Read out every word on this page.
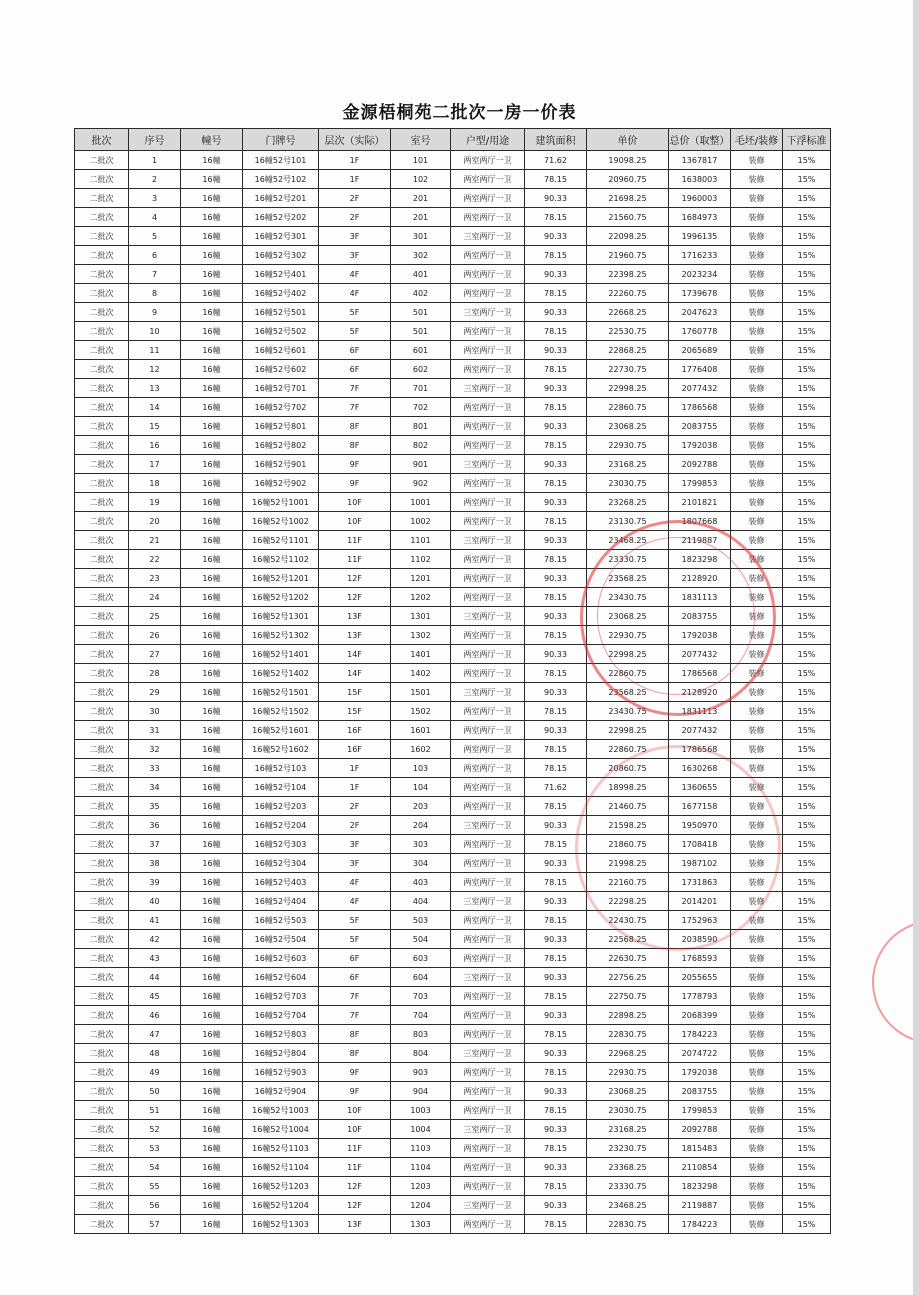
金源梧桐苑二批次一房一价表
批次	序号	幢号	门牌号	层次（实际）	室号	户型/用途	建筑面积	单价	总价（取整）	毛坯/装修	下浮标准
二批次	1	16幢	16幢52号101	1F	101	两室两厅一卫	71.62	19098.25	1367817	装修	15%
二批次	2	16幢	16幢52号102	1F	102	两室两厅一卫	78.15	20960.75	1638003	装修	15%
二批次	3	16幢	16幢52号201	2F	201	两室两厅一卫	90.33	21698.25	1960003	装修	15%
二批次	4	16幢	16幢52号202	2F	201	两室两厅一卫	78.15	21560.75	1684973	装修	15%
二批次	5	16幢	16幢52号301	3F	301	三室两厅一卫	90.33	22098.25	1996135	装修	15%
二批次	6	16幢	16幢52号302	3F	302	两室两厅一卫	78.15	21960.75	1716233	装修	15%
二批次	7	16幢	16幢52号401	4F	401	两室两厅一卫	90.33	22398.25	2023234	装修	15%
二批次	8	16幢	16幢52号402	4F	402	两室两厅一卫	78.15	22260.75	1739678	装修	15%
二批次	9	16幢	16幢52号501	5F	501	三室两厅一卫	90.33	22668.25	2047623	装修	15%
二批次	10	16幢	16幢52号502	5F	501	两室两厅一卫	78.15	22530.75	1760778	装修	15%
二批次	11	16幢	16幢52号601	6F	601	两室两厅一卫	90.33	22868.25	2065689	装修	15%
二批次	12	16幢	16幢52号602	6F	602	两室两厅一卫	78.15	22730.75	1776408	装修	15%
二批次	13	16幢	16幢52号701	7F	701	三室两厅一卫	90.33	22998.25	2077432	装修	15%
二批次	14	16幢	16幢52号702	7F	702	两室两厅一卫	78.15	22860.75	1786568	装修	15%
二批次	15	16幢	16幢52号801	8F	801	两室两厅一卫	90.33	23068.25	2083755	装修	15%
二批次	16	16幢	16幢52号802	8F	802	两室两厅一卫	78.15	22930.75	1792038	装修	15%
二批次	17	16幢	16幢52号901	9F	901	三室两厅一卫	90.33	23168.25	2092788	装修	15%
二批次	18	16幢	16幢52号902	9F	902	两室两厅一卫	78.15	23030.75	1799853	装修	15%
二批次	19	16幢	16幢52号1001	10F	1001	两室两厅一卫	90.33	23268.25	2101821	装修	15%
二批次	20	16幢	16幢52号1002	10F	1002	两室两厅一卫	78.15	23130.75	1807668	装修	15%
二批次	21	16幢	16幢52号1101	11F	1101	三室两厅一卫	90.33	23468.25	2119887	装修	15%
二批次	22	16幢	16幢52号1102	11F	1102	两室两厅一卫	78.15	23330.75	1823298	装修	15%
二批次	23	16幢	16幢52号1201	12F	1201	两室两厅一卫	90.33	23568.25	2128920	装修	15%
二批次	24	16幢	16幢52号1202	12F	1202	两室两厅一卫	78.15	23430.75	1831113	装修	15%
二批次	25	16幢	16幢52号1301	13F	1301	三室两厅一卫	90.33	23068.25	2083755	装修	15%
二批次	26	16幢	16幢52号1302	13F	1302	两室两厅一卫	78.15	22930.75	1792038	装修	15%
二批次	27	16幢	16幢52号1401	14F	1401	两室两厅一卫	90.33	22998.25	2077432	装修	15%
二批次	28	16幢	16幢52号1402	14F	1402	两室两厅一卫	78.15	22860.75	1786568	装修	15%
二批次	29	16幢	16幢52号1501	15F	1501	三室两厅一卫	90.33	23568.25	2128920	装修	15%
二批次	30	16幢	16幢52号1502	15F	1502	两室两厅一卫	78.15	23430.75	1831113	装修	15%
二批次	31	16幢	16幢52号1601	16F	1601	两室两厅一卫	90.33	22998.25	2077432	装修	15%
二批次	32	16幢	16幢52号1602	16F	1602	两室两厅一卫	78.15	22860.75	1786568	装修	15%
二批次	33	16幢	16幢52号103	1F	103	两室两厅一卫	78.15	20860.75	1630268	装修	15%
二批次	34	16幢	16幢52号104	1F	104	两室两厅一卫	71.62	18998.25	1360655	装修	15%
二批次	35	16幢	16幢52号203	2F	203	两室两厅一卫	78.15	21460.75	1677158	装修	15%
二批次	36	16幢	16幢52号204	2F	204	三室两厅一卫	90.33	21598.25	1950970	装修	15%
二批次	37	16幢	16幢52号303	3F	303	两室两厅一卫	78.15	21860.75	1708418	装修	15%
二批次	38	16幢	16幢52号304	3F	304	两室两厅一卫	90.33	21998.25	1987102	装修	15%
二批次	39	16幢	16幢52号403	4F	403	两室两厅一卫	78.15	22160.75	1731863	装修	15%
二批次	40	16幢	16幢52号404	4F	404	三室两厅一卫	90.33	22298.25	2014201	装修	15%
二批次	41	16幢	16幢52号503	5F	503	两室两厅一卫	78.15	22430.75	1752963	装修	15%
二批次	42	16幢	16幢52号504	5F	504	两室两厅一卫	90.33	22568.25	2038590	装修	15%
二批次	43	16幢	16幢52号603	6F	603	两室两厅一卫	78.15	22630.75	1768593	装修	15%
二批次	44	16幢	16幢52号604	6F	604	三室两厅一卫	90.33	22756.25	2055655	装修	15%
二批次	45	16幢	16幢52号703	7F	703	两室两厅一卫	78.15	22750.75	1778793	装修	15%
二批次	46	16幢	16幢52号704	7F	704	两室两厅一卫	90.33	22898.25	2068399	装修	15%
二批次	47	16幢	16幢52号803	8F	803	两室两厅一卫	78.15	22830.75	1784223	装修	15%
二批次	48	16幢	16幢52号804	8F	804	三室两厅一卫	90.33	22968.25	2074722	装修	15%
二批次	49	16幢	16幢52号903	9F	903	两室两厅一卫	78.15	22930.75	1792038	装修	15%
二批次	50	16幢	16幢52号904	9F	904	两室两厅一卫	90.33	23068.25	2083755	装修	15%
二批次	51	16幢	16幢52号1003	10F	1003	两室两厅一卫	78.15	23030.75	1799853	装修	15%
二批次	52	16幢	16幢52号1004	10F	1004	三室两厅一卫	90.33	23168.25	2092788	装修	15%
二批次	53	16幢	16幢52号1103	11F	1103	两室两厅一卫	78.15	23230.75	1815483	装修	15%
二批次	54	16幢	16幢52号1104	11F	1104	两室两厅一卫	90.33	23368.25	2110854	装修	15%
二批次	55	16幢	16幢52号1203	12F	1203	两室两厅一卫	78.15	23330.75	1823298	装修	15%
二批次	56	16幢	16幢52号1204	12F	1204	三室两厅一卫	90.33	23468.25	2119887	装修	15%
二批次	57	16幢	16幢52号1303	13F	1303	两室两厅一卫	78.15	22830.75	1784223	装修	15%
